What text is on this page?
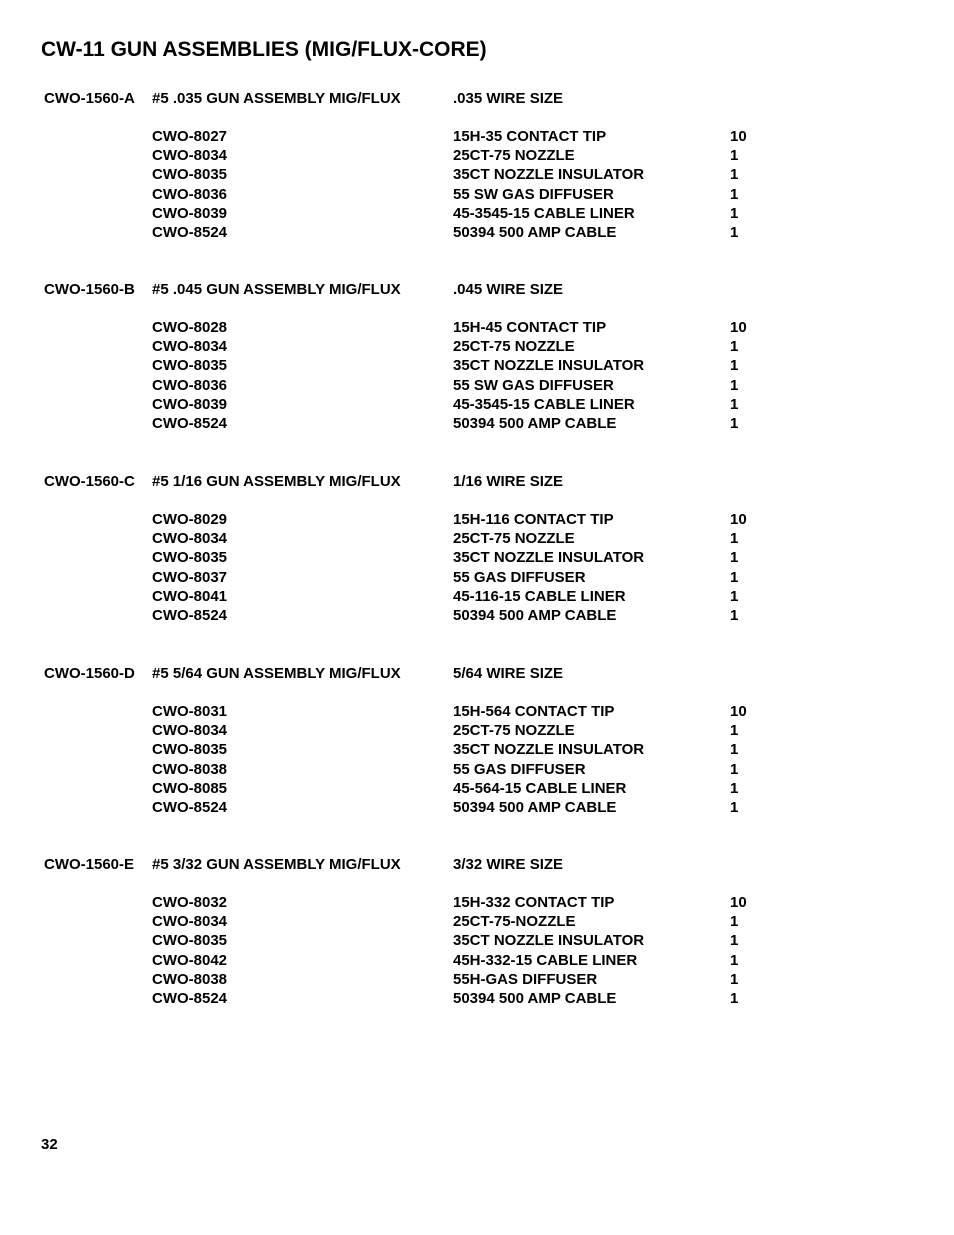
CW-11 GUN ASSEMBLIES (MIG/FLUX-CORE)
CWO-1560-A #5 .035 GUN ASSEMBLY MIG/FLUX	.035 WIRE SIZE
CWO-8027	15H-35 CONTACT TIP	10
CWO-8034	25CT-75 NOZZLE	1
CWO-8035	35CT NOZZLE INSULATOR	1
CWO-8036	55 SW GAS DIFFUSER	1
CWO-8039	45-3545-15 CABLE LINER	1
CWO-8524	50394 500 AMP CABLE	1
CWO-1560-B #5 .045 GUN ASSEMBLY MIG/FLUX	.045 WIRE SIZE
CWO-8028	15H-45 CONTACT TIP	10
CWO-8034	25CT-75 NOZZLE	1
CWO-8035	35CT NOZZLE INSULATOR	1
CWO-8036	55 SW GAS DIFFUSER	1
CWO-8039	45-3545-15 CABLE LINER	1
CWO-8524	50394 500 AMP CABLE	1
CWO-1560-C #5 1/16 GUN ASSEMBLY MIG/FLUX	1/16 WIRE SIZE
CWO-8029	15H-116 CONTACT TIP	10
CWO-8034	25CT-75 NOZZLE	1
CWO-8035	35CT NOZZLE INSULATOR	1
CWO-8037	55 GAS DIFFUSER	1
CWO-8041	45-116-15 CABLE LINER	1
CWO-8524	50394 500 AMP CABLE	1
CWO-1560-D #5 5/64 GUN ASSEMBLY MIG/FLUX	5/64 WIRE SIZE
CWO-8031	15H-564 CONTACT TIP	10
CWO-8034	25CT-75 NOZZLE	1
CWO-8035	35CT NOZZLE INSULATOR	1
CWO-8038	55 GAS DIFFUSER	1
CWO-8085	45-564-15 CABLE LINER	1
CWO-8524	50394 500 AMP CABLE	1
CWO-1560-E #5 3/32 GUN ASSEMBLY MIG/FLUX	3/32 WIRE SIZE
CWO-8032	15H-332 CONTACT TIP	10
CWO-8034	25CT-75-NOZZLE	1
CWO-8035	35CT NOZZLE INSULATOR	1
CWO-8042	45H-332-15 CABLE LINER	1
CWO-8038	55H-GAS DIFFUSER	1
CWO-8524	50394 500 AMP CABLE	1
32
